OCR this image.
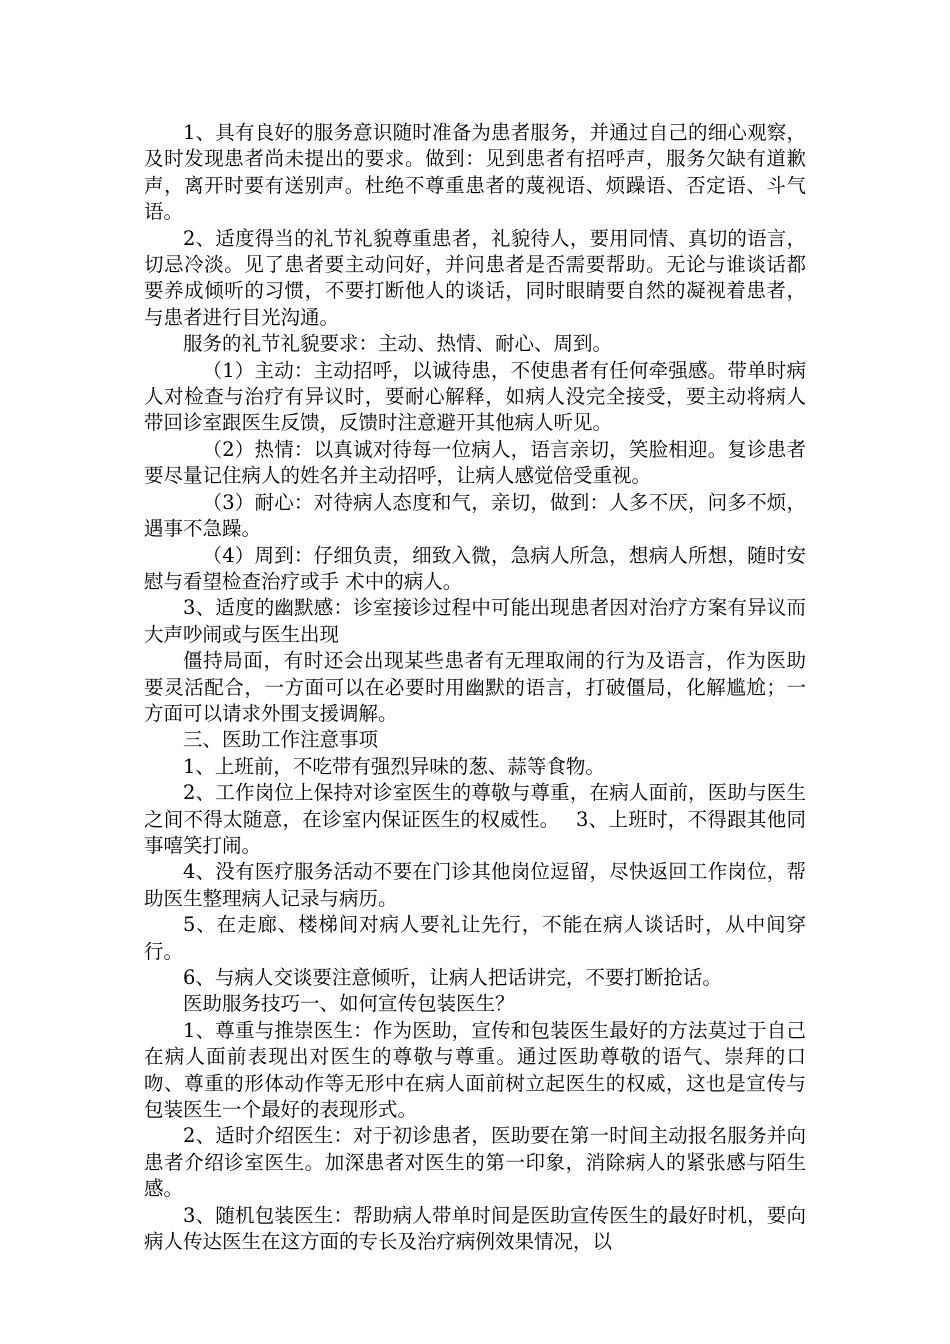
1、具有良好的服务意识随时准备为患者服务，并通过自己的细心观察，及时发现患者尚未提出的要求。做到：见到患者有招呼声，服务欠缺有道歉声，离开时要有送别声。杜绝不尊重患者的蔑视语、烦躁语、否定语、斗气语。

2、适度得当的礼节礼貌尊重患者，礼貌待人，要用同情、真切的语言，切忌冷淡。见了患者要主动问好，并问患者是否需要帮助。无论与谁谈话都要养成倾听的习惯，不要打断他人的谈话，同时眼睛要自然的凝视着患者，与患者进行目光沟通。

服务的礼节礼貌要求：主动、热情、耐心、周到。

（1）主动：主动招呼，以诚待患，不使患者有任何牵强感。带单时病人对检查与治疗有异议时，要耐心解释，如病人没完全接受，要主动将病人带回诊室跟医生反馈，反馈时注意避开其他病人听见。

（2）热情：以真诚对待每一位病人，语言亲切，笑脸相迎。复诊患者要尽量记住病人的姓名并主动招呼，让病人感觉倍受重视。

（3）耐心：对待病人态度和气，亲切，做到：人多不厌，问多不烦，遇事不急躁。

（4）周到：仔细负责，细致入微，急病人所急，想病人所想，随时安慰与看望检查治疗或手 术中的病人。

3、适度的幽默感：诊室接诊过程中可能出现患者因对治疗方案有异议而大声吵闹或与医生出现

僵持局面，有时还会出现某些患者有无理取闹的行为及语言，作为医助要灵活配合，一方面可以在必要时用幽默的语言，打破僵局，化解尴尬；一方面可以请求外围支援调解。

三、医助工作注意事项

1、上班前，不吃带有强烈异味的葱、蒜等食物。

2、工作岗位上保持对诊室医生的尊敬与尊重，在病人面前，医助与医生之间不得太随意，在诊室内保证医生的权威性。　 3、上班时，不得跟其他同事嘻笑打闹。

4、没有医疗服务活动不要在门诊其他岗位逗留，尽快返回工作岗位，帮助医生整理病人记录与病历。

5、在走廊、楼梯间对病人要礼让先行，不能在病人谈话时，从中间穿行。

6、与病人交谈要注意倾听，让病人把话讲完，不要打断抢话。

医助服务技巧一、如何宣传包装医生？

1、尊重与推崇医生：作为医助，宣传和包装医生最好的方法莫过于自己在病人面前表现出对医生的尊敬与尊重。通过医助尊敬的语气、崇拜的口吻、尊重的形体动作等无形中在病人面前树立起医生的权威，这也是宣传与包装医生一个最好的表现形式。

2、适时介绍医生：对于初诊患者，医助要在第一时间主动报名服务并向患者介绍诊室医生。加深患者对医生的第一印象，消除病人的紧张感与陌生感。

3、随机包装医生：帮助病人带单时间是医助宣传医生的最好时机，要向病人传达医生在这方面的专长及治疗病例效果情况，以
